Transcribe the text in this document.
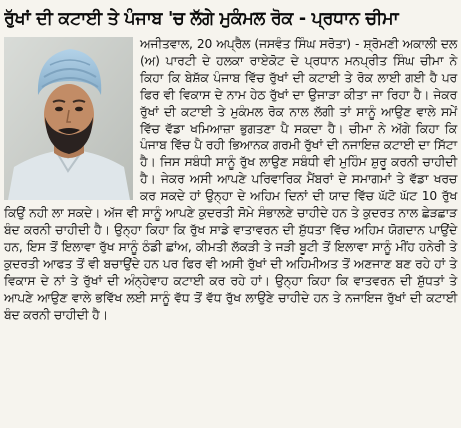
ਰੁੱਖਾਂ ਦੀ ਕਟਾਈ ਤੇ ਪੰਜਾਬ 'ਚ ਲੱਗੇ ਮੁਕੰਮਲ ਰੋਕ - ਪ੍ਰਧਾਨ ਚੀਮਾ

ਅਜੀਤਵਾਲ, 20 ਅਪ੍ਰੈਲ (ਜਸਵੰਤ ਸਿੰਘ ਸਰੋਤਾ) - ਸ਼੍ਰੋਮਣੀ ਅਕਾਲੀ ਦਲ (ਅ) ਪਾਰਟੀ ਦੇ ਹਲਕਾ ਰਾਏਕੋਟ ਦੇ ਪ੍ਰਧਾਨ ਮਨਪ੍ਰੀਤ ਸਿੰਘ ਚੀਮਾ ਨੇ ਕਿਹਾ ਕਿ ਬੇਸ਼ੱਕ ਪੰਜਾਬ ਵਿੱਚ ਰੁੱਖਾਂ ਦੀ ਕਟਾਈ ਤੇ ਰੋਕ ਲਾਈ ਗਈ ਹੈ ਪਰ ਫਿਰ ਵੀ ਵਿਕਾਸ ਦੇ ਨਾਮ ਹੇਠ ਰੁੱਖਾਂ ਦਾ ਉਜਾੜਾ ਕੀਤਾ ਜਾ ਰਿਹਾ ਹੈ। ਜੇਕਰ ਰੁੱਖਾਂ ਦੀ ਕਟਾਈ ਤੇ ਮੁਕੰਮਲ ਰੋਕ ਨਾਲ ਲੱਗੀ ਤਾਂ ਸਾਨੂੰ ਆਉਣ ਵਾਲੇ ਸਮੇਂ ਵਿੱਚ ਵੱਡਾ ਖਮਿਆਜ਼ਾ ਭੁਗਤਣਾ ਪੈ ਸਕਦਾ ਹੈ। ਚੀਮਾ ਨੇ ਅੱਗੇ ਕਿਹਾ ਕਿ ਪੰਜਾਬ ਵਿੱਚ ਪੈ ਰਹੀ ਭਿਆਨਕ ਗਰਮੀ ਰੁੱਖਾਂ ਦੀ ਨਜਾਇਜ਼ ਕਟਾਈ ਦਾ ਸਿੱਟਾ ਹੈ। ਜਿਸ ਸਬੰਧੀ ਸਾਨੂੰ ਰੁੱਖ ਲਾਉਣ ਸਬੰਧੀ ਵੀ ਮੁਹਿੰਮ ਸ਼ੁਰੂ ਕਰਨੀ ਚਾਹੀਦੀ ਹੈ। ਜੇਕਰ ਅਸੀ ਆਪਣੇ ਪਰਿਵਾਰਿਕ ਮੈਂਬਰਾਂ ਦੇ ਸਮਾਗਮਾਂ ਤੇ ਵੱਡਾ ਖਰਚ ਕਰ ਸਕਦੇ ਹਾਂ ਉਨ੍ਹਾ ਦੇ ਅਹਿਮ ਦਿਨਾਂ ਦੀ ਯਾਦ ਵਿੱਚ ਘੱਟੋ ਘੱਟ 10 ਰੁੱਖ ਕਿਉਂ ਨਹੀ ਲਾ ਸਕਦੇ। ਅੱਜ ਵੀ ਸਾਨੂੰ ਆਪਣੇ ਕੁਦਰਤੀ ਸੋਮੇ ਸੰਭਾਲਣੇ ਚਾਹੀਦੇ ਹਨ ਤੇ ਕੁਦਰਤ ਨਾਲ ਛੇੜਛਾੜ ਬੰਦ ਕਰਨੀ ਚਾਹੀਦੀ ਹੈ। ਉਨ੍ਹਾ ਕਿਹਾ ਕਿ ਰੁੱਖ ਸਾਡੇ ਵਾਤਾਵਰਨ ਦੀ ਸ਼ੁੱਧਤਾ ਵਿੱਚ ਅਹਿਮ ਯੋਗਦਾਨ ਪਾਉਂਦੇ ਹਨ, ਇਸ ਤੋਂ ਇਲਾਵਾ ਰੁੱਖ ਸਾਨੂੰ ਠੰਡੀ ਛਾਂਅ, ਕੀਮਤੀ ਲੱਕੜੀ ਤੇ ਜੜੀ ਬੂਟੀ ਤੋਂ ਇਲਾਵਾ ਸਾਨੂੰ ਮੀਂਹ ਹਨੇਰੀ ਤੇ ਕੁਦਰਤੀ ਆਫਤ ਤੋਂ ਵੀ ਬਚਾਉਂਦੇ ਹਨ ਪਰ ਫਿਰ ਵੀ ਅਸੀ ਰੁੱਖਾਂ ਦੀ ਅਹਿਮੀਅਤ ਤੋਂ ਅਣਜਾਣ ਬਣ ਰਹੇ ਹਾਂ ਤੇ ਵਿਕਾਸ ਦੇ ਨਾਂ ਤੇ ਰੁੱਖਾਂ ਦੀ ਅੰਨ੍ਹੇਵਾਹ ਕਟਾਈ ਕਰ ਰਹੇ ਹਾਂ। ਉਨ੍ਹਾ ਕਿਹਾ ਕਿ ਵਾਤਵਰਨ ਦੀ ਸ਼ੁੱਧਤਾਂ ਤੇ ਆਪਣੇ ਆਉਣ ਵਾਲੇ ਭਵਿੱਖ ਲਈ ਸਾਨੂੰ ਵੱਧ ਤੋਂ ਵੱਧ ਰੁੱਖ ਲਾਉਣੇ ਚਾਹੀਦੇ ਹਨ ਤੇ ਨਜਾਇਜ ਰੁੱਖਾਂ ਦੀ ਕਟਾਈ ਬੰਦ ਕਰਨੀ ਚਾਹੀਦੀ ਹੈ।
